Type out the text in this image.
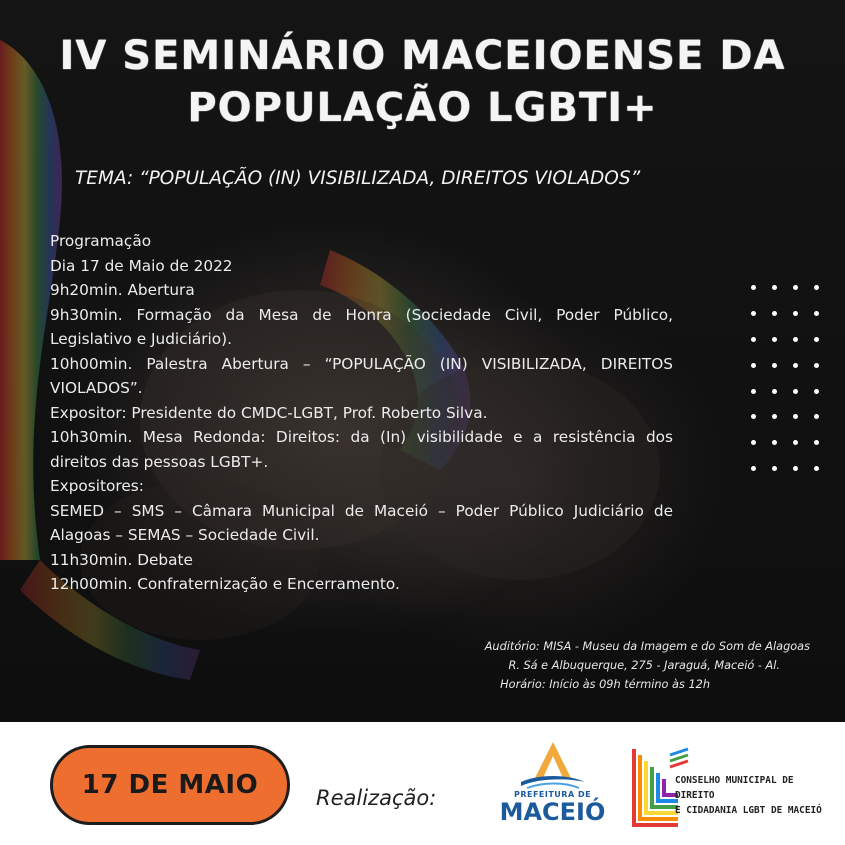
IV SEMINÁRIO MACEIOENSE DA
POPULAÇÃO LGBTI+

TEMA: “POPULAÇÃO (IN) VISIBILIZADA, DIREITOS VIOLADOS”

Programação
Dia 17 de Maio de 2022
9h20min. Abertura
9h30min. Formação da Mesa de Honra (Sociedade Civil, Poder Público, Legislativo e Judiciário).
10h00min. Palestra Abertura – “POPULAÇÃO (IN) VISIBILIZADA, DIREITOS VIOLADOS”.
Expositor: Presidente do CMDC-LGBT, Prof. Roberto Silva.
10h30min. Mesa Redonda: Direitos: da (In) visibilidade e a resistência dos direitos das pessoas LGBT+.
Expositores:
SEMED – SMS – Câmara Municipal de Maceió – Poder Público Judiciário de Alagoas – SEMAS – Sociedade Civil.
11h30min. Debate
12h00min. Confraternização e Encerramento.
Auditório: MISA - Museu da Imagem e do Som de Alagoas
R. Sá e Albuquerque, 275 - Jaraguá, Maceió - Al.
Horário: Início às 09h término às 12h
17 DE MAIO	Realização:	PREFEITURA DE
MACEIÓ
CONSELHO MUNICIPAL DE DIREITO
E CIDADANIA LGBT DE MACEIÓ
